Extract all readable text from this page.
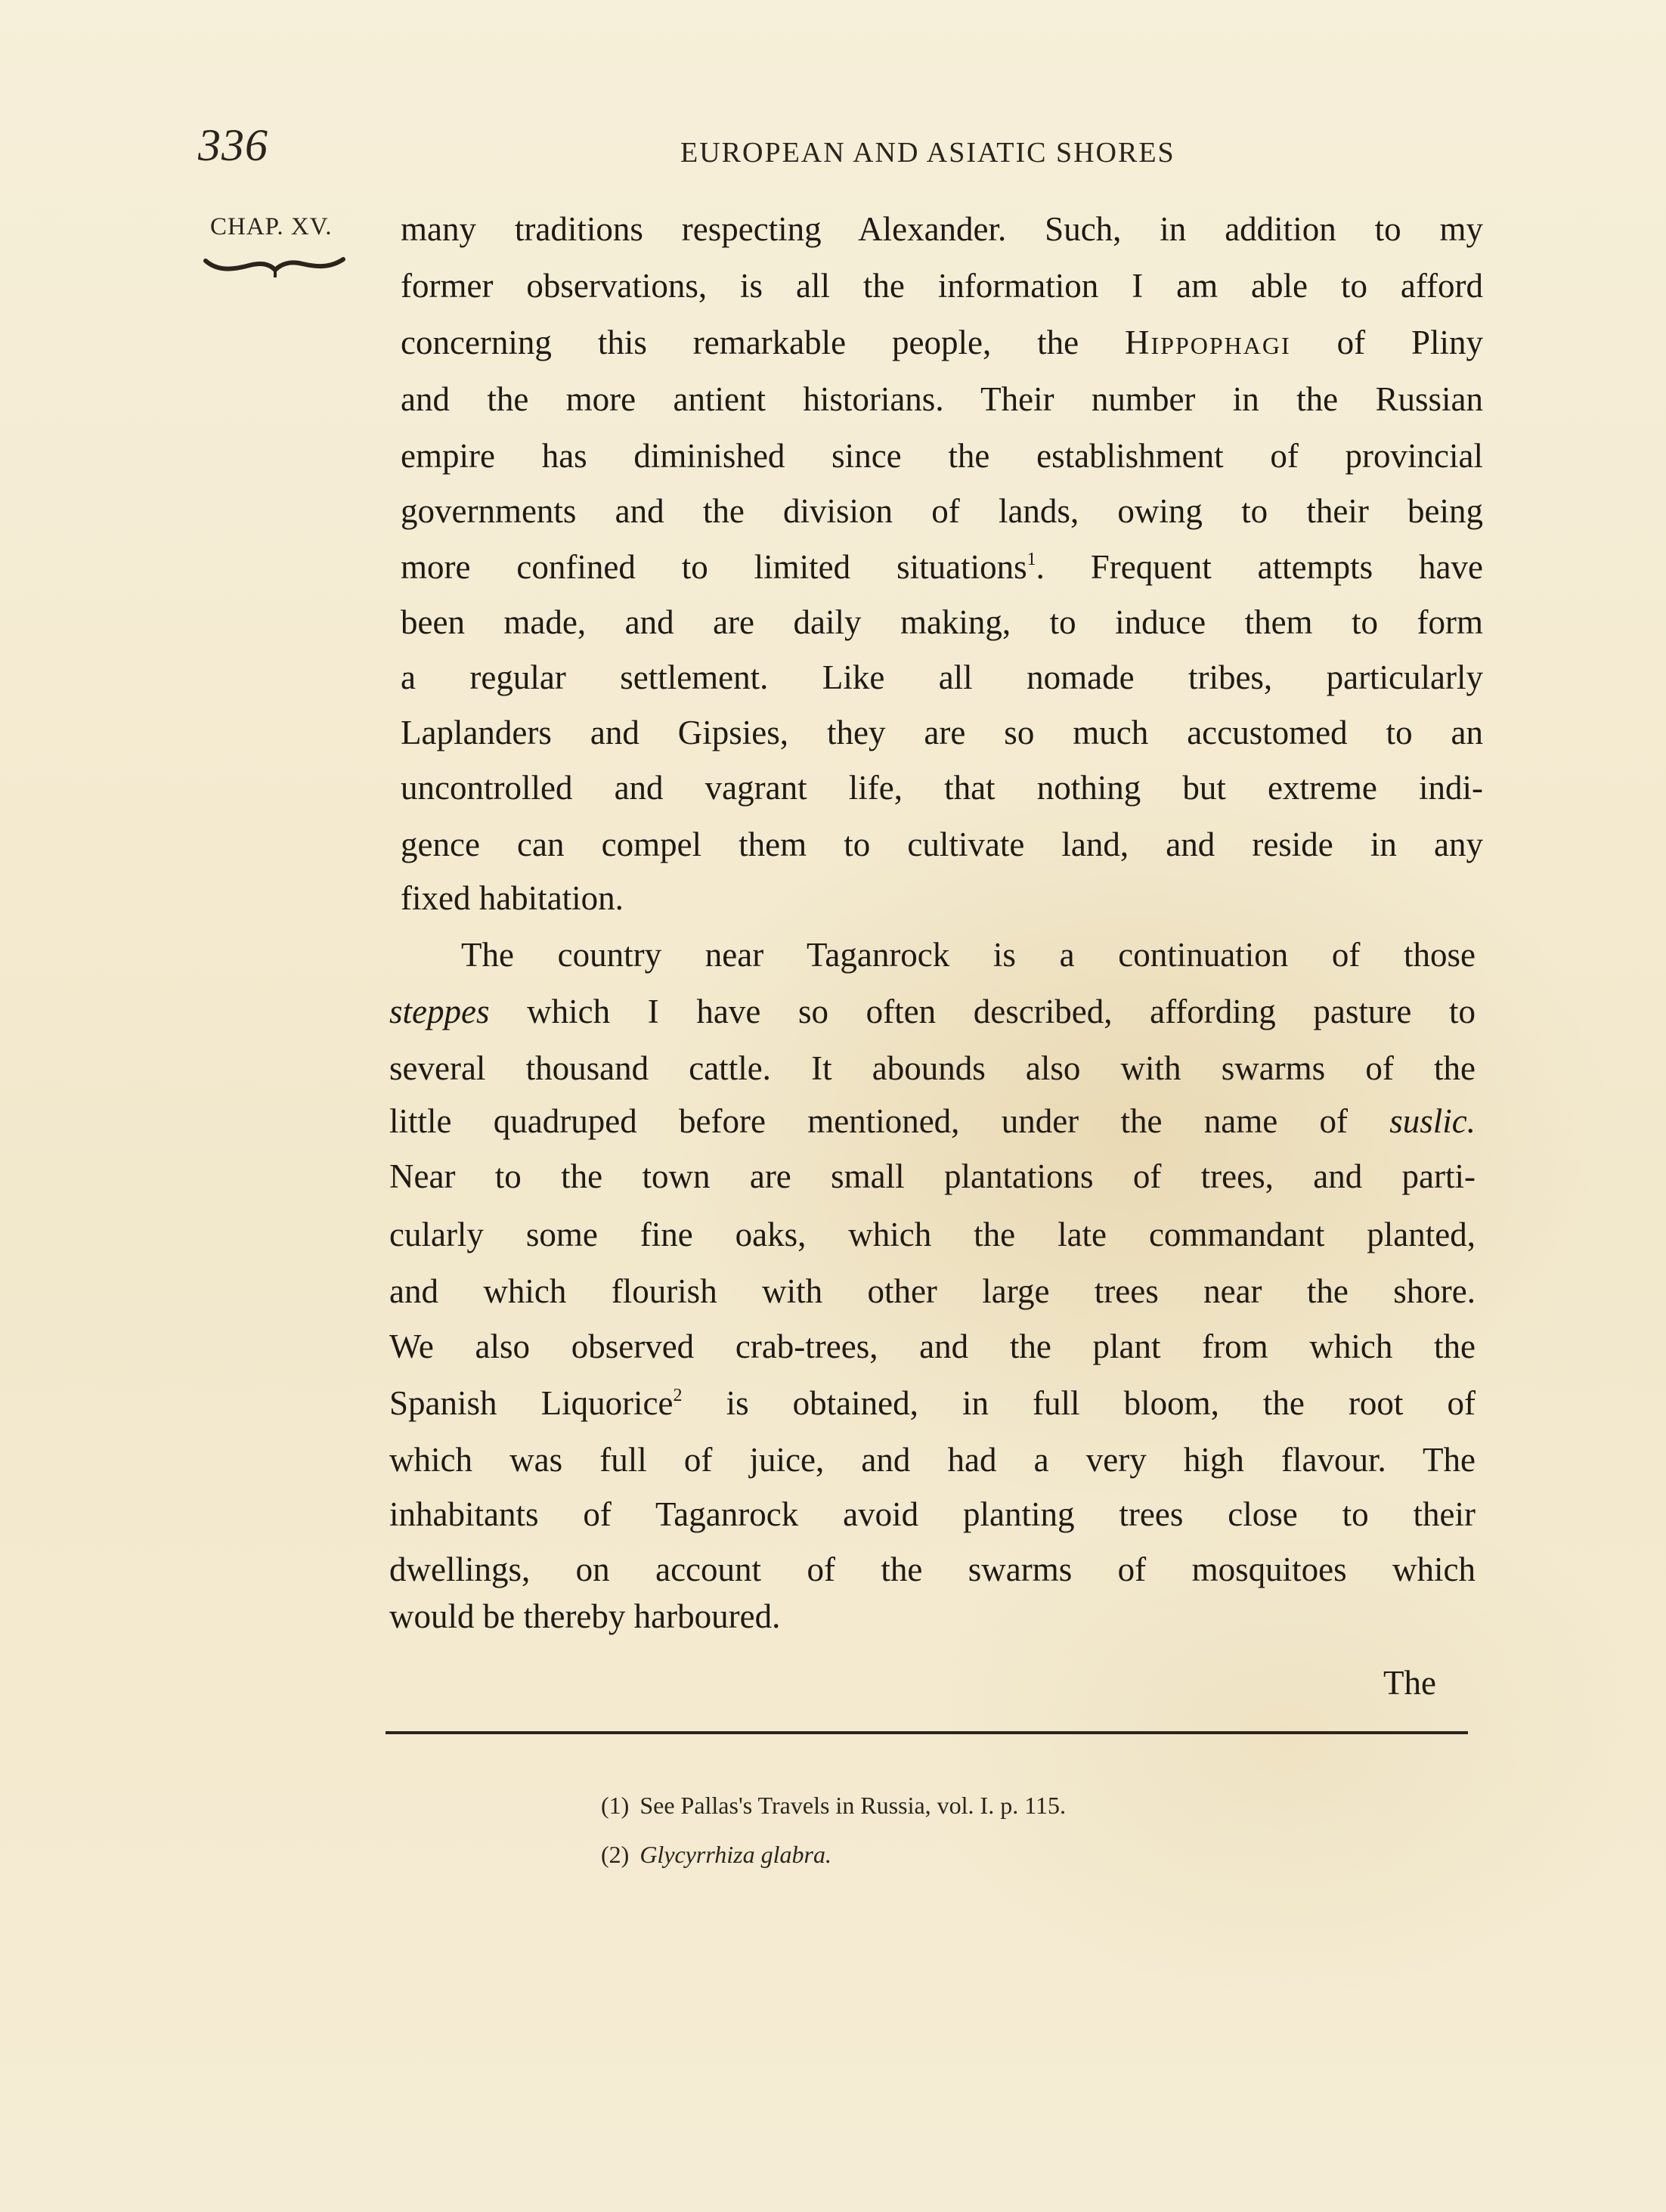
336	EUROPEAN AND ASIATIC SHORES
CHAP. XV. many traditions respecting Alexander. Such, in addition to my
former observations, is all the information I am able to afford
concerning this remarkable people, the Hippophagi of Pliny
and the more antient historians. Their number in the Russian
empire has diminished since the establishment of provincial
governments and the division of lands, owing to their being
more confined to limited situations$^1$. Frequent attempts have
been made, and are daily making, to induce them to form
a regular settlement. Like all nomade tribes, particularly
Laplanders and Gipsies, they are so much accustomed to an
uncontrolled and vagrant life, that nothing but extreme indi-
gence can compel them to cultivate land, and reside in any
fixed habitation.
The country near Taganrock is a continuation of those
steppes which I have so often described, affording pasture to
several thousand cattle. It abounds also with swarms of the
little quadruped before mentioned, under the name of suslic.
Near to the town are small plantations of trees, and parti-
cularly some fine oaks, which the late commandant planted,
and which flourish with other large trees near the shore.
We also observed crab-trees, and the plant from which the
Spanish Liquorice$^2$ is obtained, in full bloom, the root of
which was full of juice, and had a very high flavour. The
inhabitants of Taganrock avoid planting trees close to their
dwellings, on account of the swarms of mosquitoes which
would be thereby harboured.
The
(1) See Pallas's Travels in Russia, vol. I. p. 115.
(2) Glycyrrhiza glabra.
